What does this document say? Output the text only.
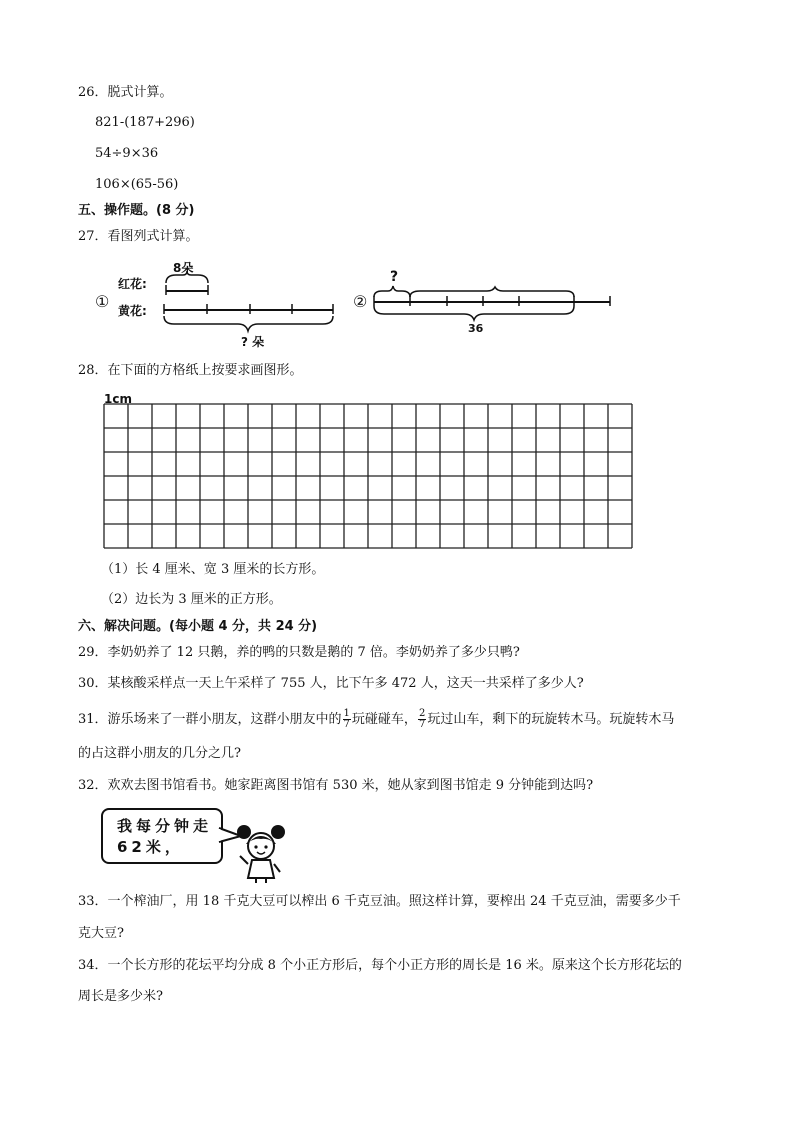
26．脱式计算。
821-(187+296)
54÷9×36
106×(65-56)
五、操作题。(8 分)
27．看图列式计算。
①
红花:
黄花:
8朵
? 朵
②
?
36
28．在下面的方格纸上按要求画图形。
1cm
（1）长 4 厘米、宽 3 厘米的长方形。
（2）边长为 3 厘米的正方形。
六、解决问题。(每小题 4 分，共 24 分)
29．李奶奶养了 12 只鹅，养的鸭的只数是鹅的 7 倍。李奶奶养了多少只鸭?
30．某核酸采样点一天上午采样了 755 人，比下午多 472 人，这天一共采样了多少人?
31．游乐场来了一群小朋友，这群小朋友中的 $\frac{1}{7}$ 玩碰碰车， $\frac{2}{7}$ 玩过山车，剩下的玩旋转木马。玩旋转木马
的占这群小朋友的几分之几?
32．欢欢去图书馆看书。她家距离图书馆有 530 米，她从家到图书馆走 9 分钟能到达吗?
我每分钟走62米，
33．一个榨油厂，用 18 千克大豆可以榨出 6 千克豆油。照这样计算，要榨出 24 千克豆油，需要多少千
克大豆?
34．一个长方形的花坛平均分成 8 个小正方形后，每个小正方形的周长是 16 米。原来这个长方形花坛的
周长是多少米?
